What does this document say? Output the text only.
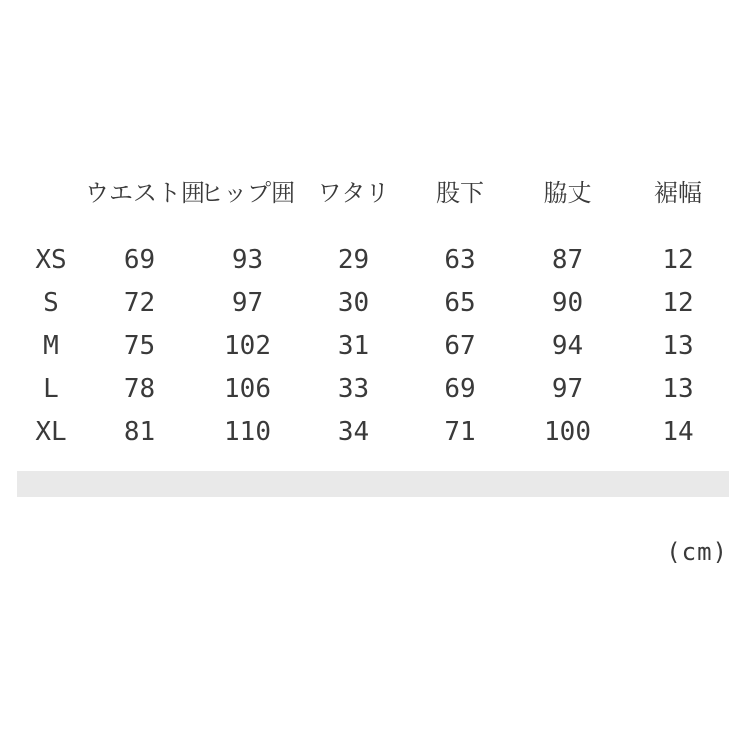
	ウエスト囲	ヒップ囲	ワタリ	股下	脇丈	裾幅
XS	69	93	29	63	87	12
S	72	97	30	65	90	12
M	75	102	31	67	94	13
L	78	106	33	69	97	13
XL	81	110	34	71	100	14
(cm)
